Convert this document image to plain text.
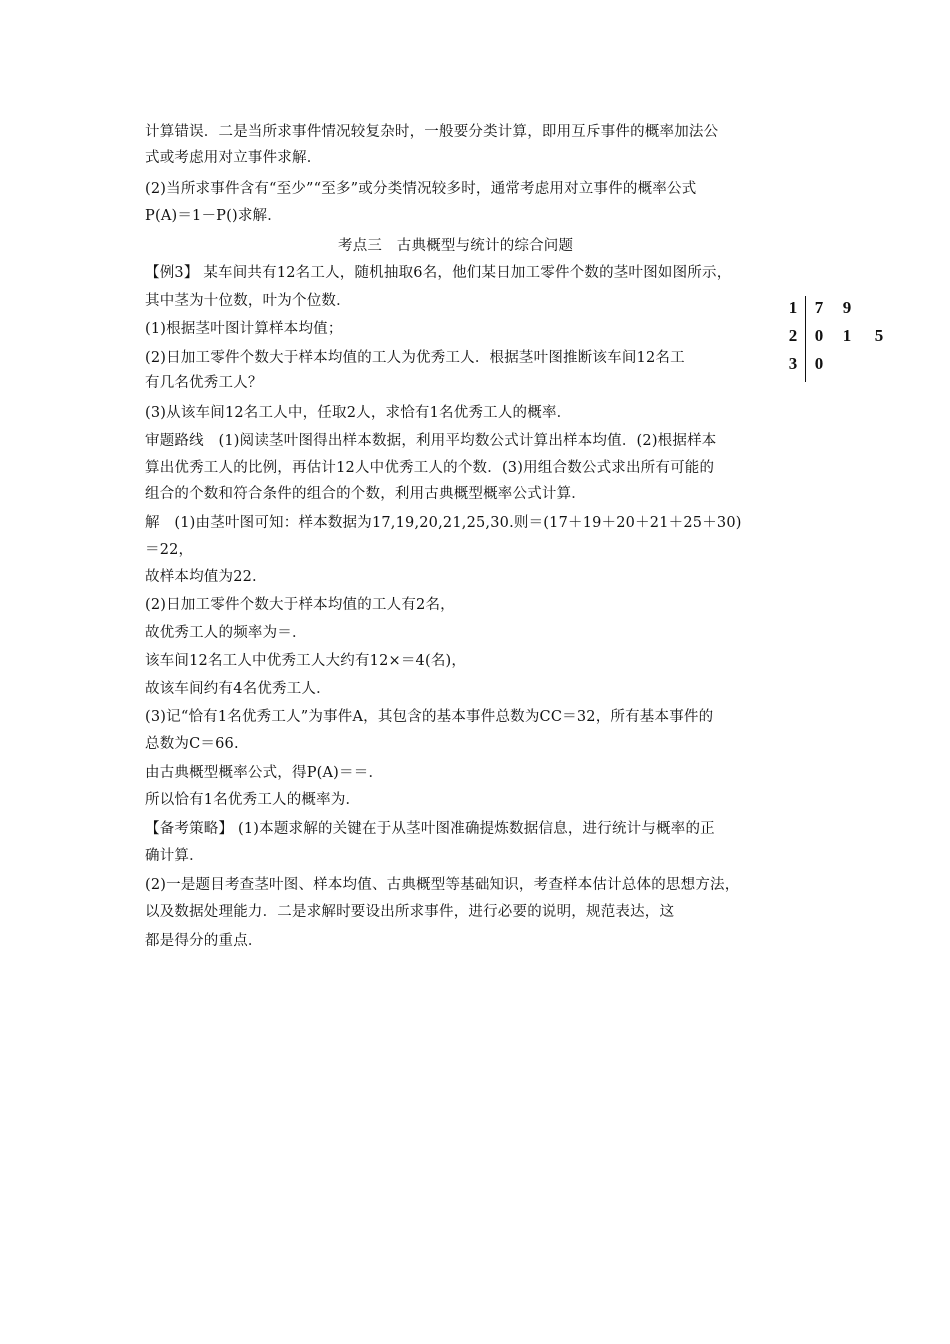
计算错误．二是当所求事件情况较复杂时，一般要分类计算，即用互斥事件的概率加法公
式或考虑用对立事件求解．
(2)当所求事件含有“至少”“至多”或分类情况较多时，通常考虑用对立事件的概率公式
P(A)＝1－P()求解．
考点三　古典概型与统计的综合问题
【例3】 某车间共有12名工人，随机抽取6名，他们某日加工零件个数的茎叶图如图所示，
其中茎为十位数，叶为个位数．
(1)根据茎叶图计算样本均值；
(2)日加工零件个数大于样本均值的工人为优秀工人．根据茎叶图推断该车间12名工
有几名优秀工人？
(3)从该车间12名工人中，任取2人，求恰有1名优秀工人的概率．
审题路线　(1)阅读茎叶图得出样本数据，利用平均数公式计算出样本均值．(2)根据样本
算出优秀工人的比例，再估计12人中优秀工人的个数．(3)用组合数公式求出所有可能的
组合的个数和符合条件的组合的个数，利用古典概型概率公式计算．
解　(1)由茎叶图可知：样本数据为17,19,20,21,25,30.则＝(17＋19＋20＋21＋25＋30)
＝22，
故样本均值为22.
(2)日加工零件个数大于样本均值的工人有2名，
故优秀工人的频率为＝．
该车间12名工人中优秀工人大约有12×＝4(名)，
故该车间约有4名优秀工人．
(3)记“恰有1名优秀工人”为事件A，其包含的基本事件总数为CC＝32，所有基本事件的
总数为C＝66.
由古典概型概率公式，得P(A)＝＝．
所以恰有1名优秀工人的概率为．
【备考策略】 (1)本题求解的关键在于从茎叶图准确提炼数据信息，进行统计与概率的正
确计算．
(2)一是题目考查茎叶图、样本均值、古典概型等基础知识，考查样本估计总体的思想方法，
以及数据处理能力．二是求解时要设出所求事件，进行必要的说明，规范表达，这
都是得分的重点．
1 7 9
2 0 1 5
3 0
